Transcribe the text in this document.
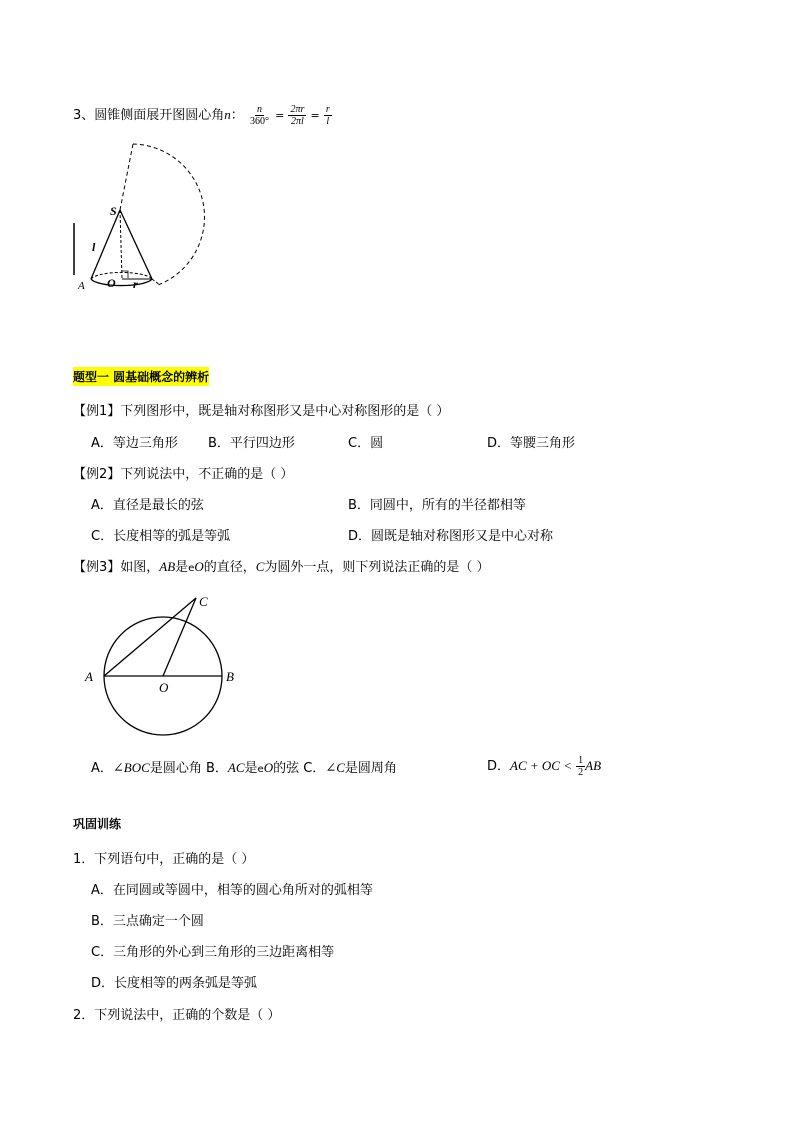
3、圆锥侧面展开图圆心角n： $\frac{n}{360^\circ} = \frac{2\pi r}{2\pi l} = \frac{r}{l}$
S
l
A O r
题型一 圆基础概念的辨析
【例1】下列图形中，既是轴对称图形又是中心对称图形的是（ ）
A．等边三角形 B．平行四边形	C．圆	D．等腰三角形
【例2】下列说法中，不正确的是（ ）
A．直径是最长的弦	B．同圆中，所有的半径都相等
C．长度相等的弧是等弧	D．圆既是轴对称图形又是中心对称
【例3】如图，AB是eO的直径，C为圆外一点，则下列说法正确的是（ ）
C
A	B
O
A．∠BOC是圆心角 B．AC是eO的弦 C．∠C是圆周角	D．AC + OC < $\frac{1}{2}$ AB
巩固训练
1．下列语句中，正确的是（ ）
A．在同圆或等圆中，相等的圆心角所对的弧相等
B．三点确定一个圆
C．三角形的外心到三角形的三边距离相等
D．长度相等的两条弧是等弧
2．下列说法中，正确的个数是（ ）
